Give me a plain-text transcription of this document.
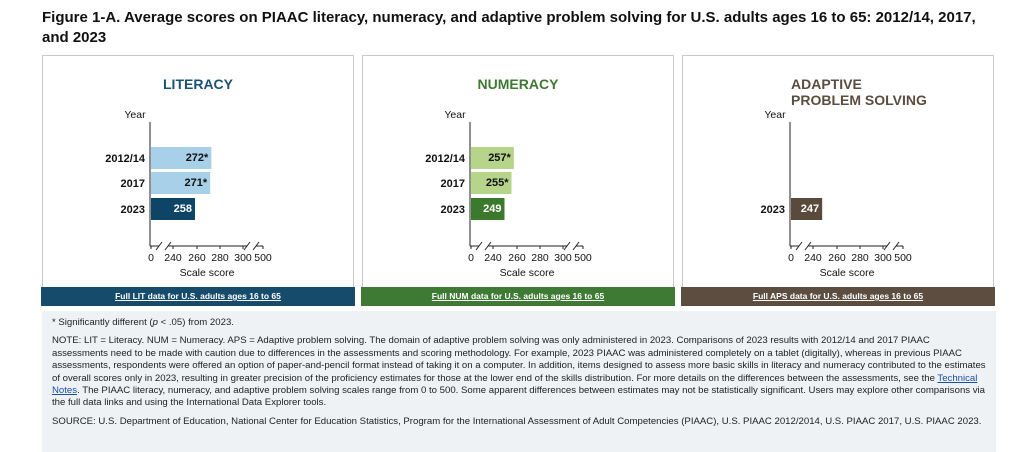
Figure 1-A. Average scores on PIAAC literacy, numeracy, and adaptive problem solving for U.S. adults ages 16 to 65: 2012/14, 2017, and 2023
LITERACY
Year
0 240 260 280 300 500
Scale score
2012/14	272*
2017	271*
2023	258
Full LIT data for U.S. adults ages 16 to 65
NUMERACY
Year
0 240 260 280 300 500
Scale score
2012/14 257*
2017 255*
2023 249
Full NUM data for U.S. adults ages 16 to 65
ADAPTIVE
PROBLEM SOLVING
Year
0 240 260 280 300 500
Scale score
2023 247
Full APS data for U.S. adults ages 16 to 65

* Significantly different (p < .05) from 2023.

NOTE: LIT = Literacy. NUM = Numeracy. APS = Adaptive problem solving. The domain of adaptive problem solving was only administered in 2023. Comparisons of 2023 results with 2012/14 and 2017 PIAAC assessments need to be made with caution due to differences in the assessments and scoring methodology. For example, 2023 PIAAC was administered completely on a tablet (digitally), whereas in previous PIAAC assessments, respondents were offered an option of paper-and-pencil format instead of taking it on a computer. In addition, items designed to assess more basic skills in literacy and numeracy contributed to the estimates of overall scores only in 2023, resulting in greater precision of the proficiency estimates for those at the lower end of the skills distribution. For more details on the differences between the assessments, see the Technical Notes. The PIAAC literacy, numeracy, and adaptive problem solving scales range from 0 to 500. Some apparent differences between estimates may not be statistically significant. Users may explore other comparisons via the full data links and using the International Data Explorer tools.

SOURCE: U.S. Department of Education, National Center for Education Statistics, Program for the International Assessment of Adult Competencies (PIAAC), U.S. PIAAC 2012/2014, U.S. PIAAC 2017, U.S. PIAAC 2023.
